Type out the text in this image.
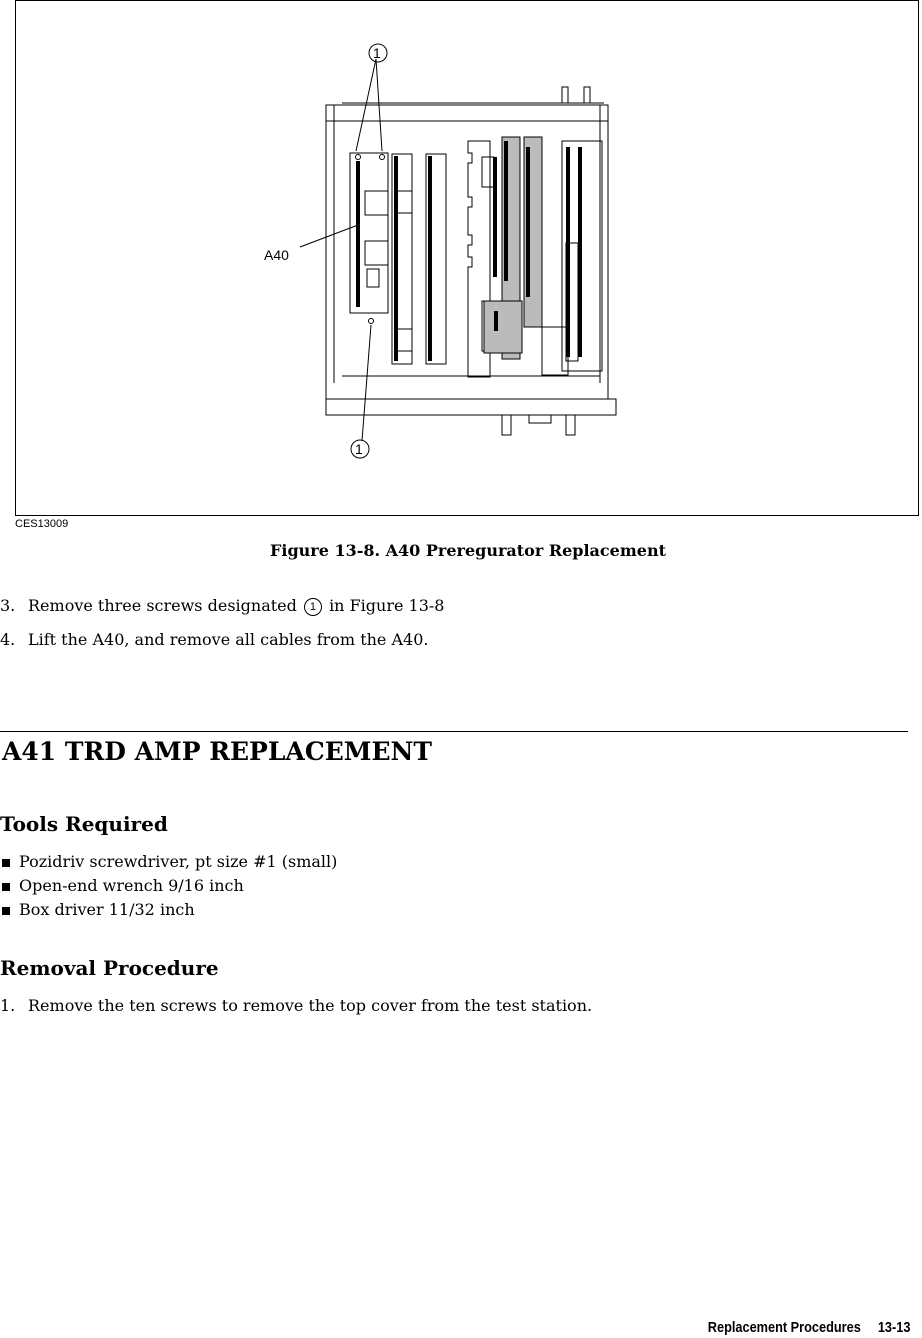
1
1
A40
CES13009
Figure 13-8. A40 Preregurator Replacement
3. Remove three screws designated 1 in Figure 13-8
4. Lift the A40, and remove all cables from the A40.
A41 TRD AMP REPLACEMENT
Tools Required
Pozidriv screwdriver, pt size #1 (small)
Open-end wrench 9/16 inch
Box driver 11/32 inch
Removal Procedure
1. Remove the ten screws to remove the top cover from the test station.
Replacement Procedures 13-13
